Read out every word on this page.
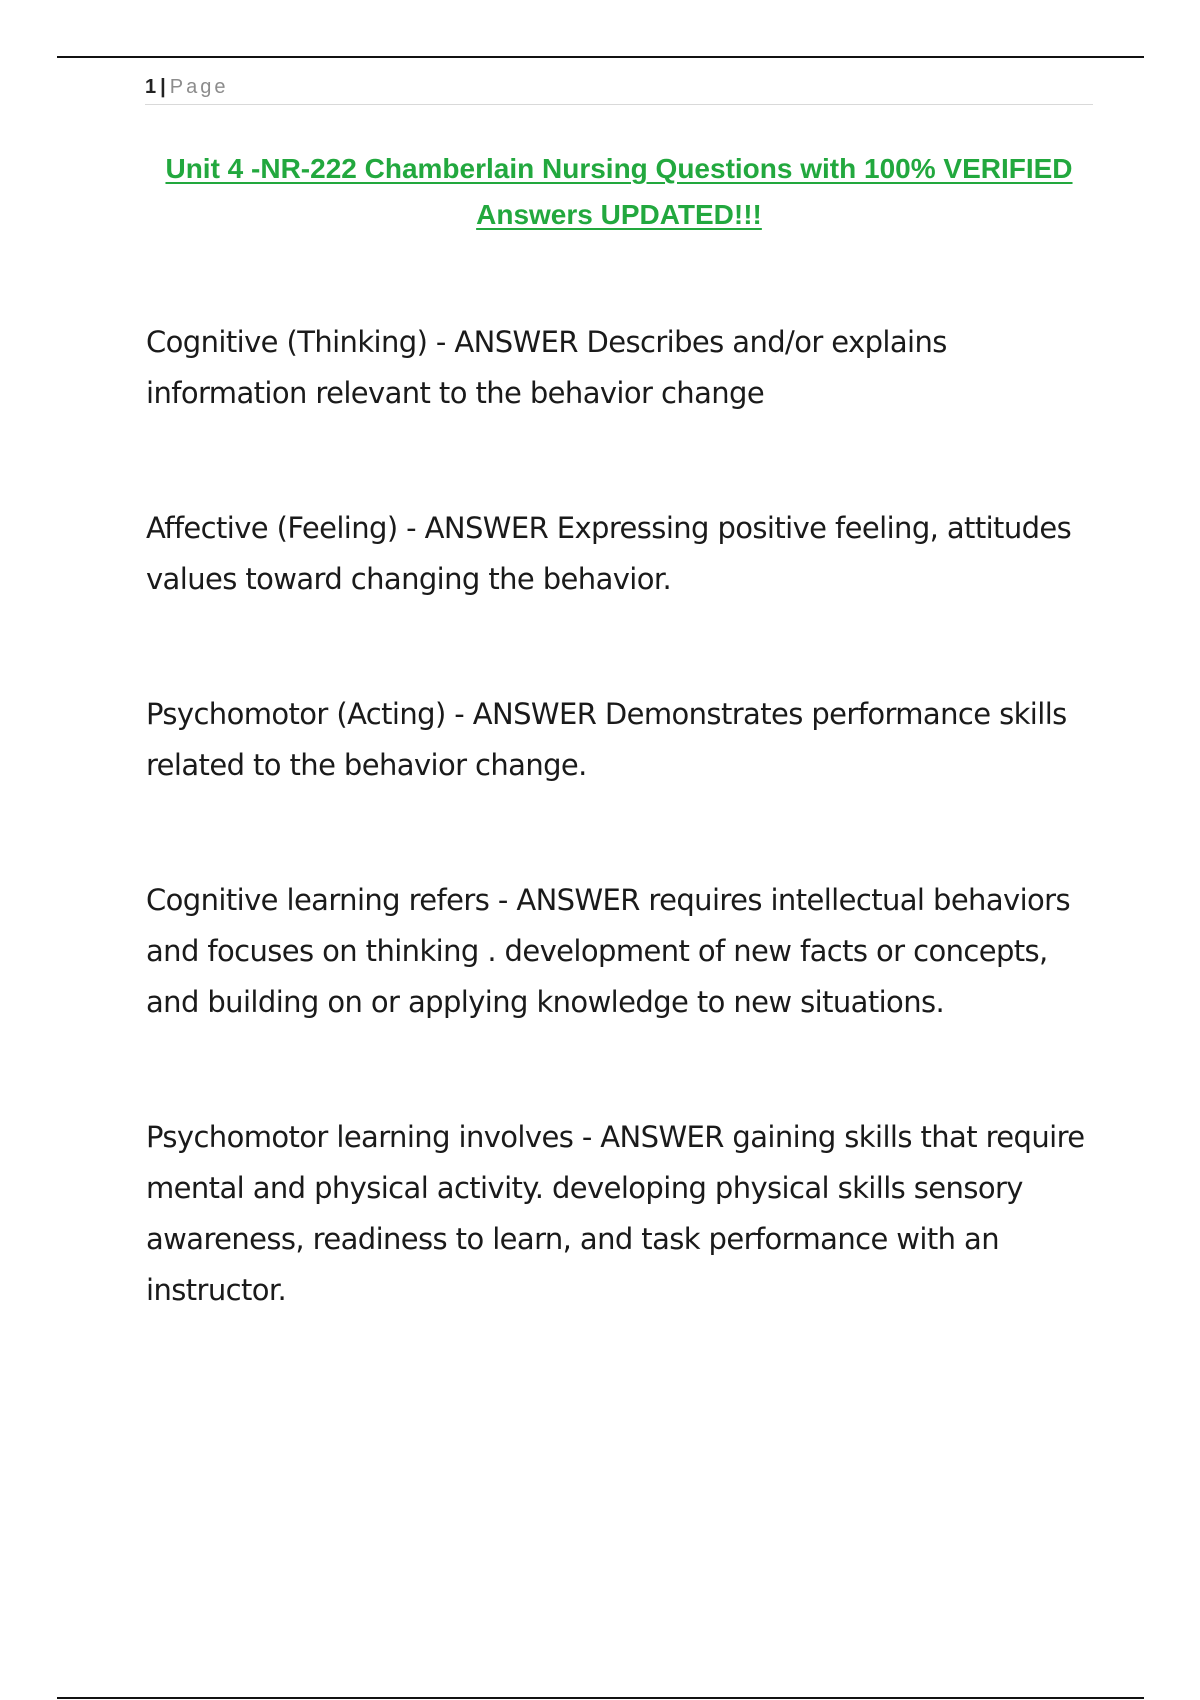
1 | Page
Unit 4 -NR-222 Chamberlain Nursing Questions with 100% VERIFIED Answers UPDATED!!!
Cognitive (Thinking) - ANSWER Describes and/or explains information relevant to the behavior change
Affective (Feeling) - ANSWER Expressing positive feeling, attitudes values toward changing the behavior.
Psychomotor (Acting) - ANSWER Demonstrates performance skills related to the behavior change.
Cognitive learning refers - ANSWER requires intellectual behaviors and focuses on thinking . development of new facts or concepts, and building on or applying knowledge to new situations.
Psychomotor learning involves - ANSWER gaining skills that require mental and physical activity. developing physical skills sensory awareness, readiness to learn, and task performance with an instructor.
